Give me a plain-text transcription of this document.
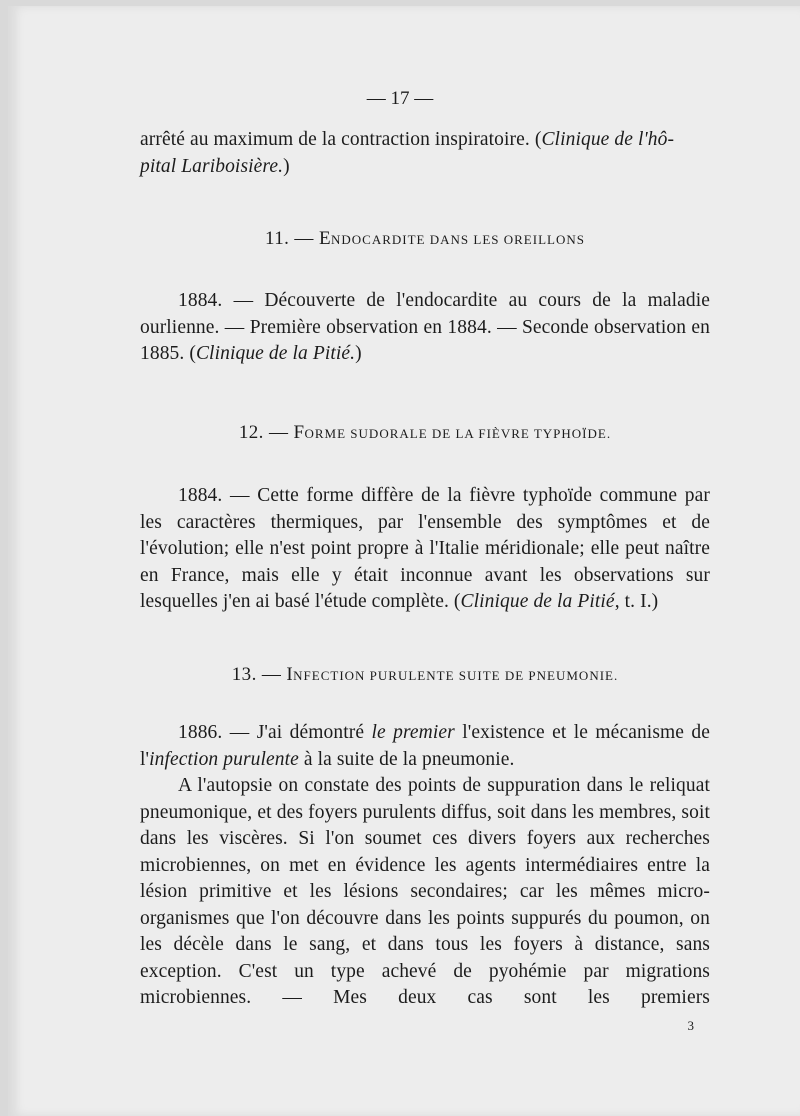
— 17 —

arrêté au maximum de la contraction inspiratoire. (Clinique de l'hô-
pital Lariboisière.)

11. — ENDOCARDITE DANS LES OREILLONS

1884. — Découverte de l'endocardite au cours de la maladie ourlienne. — Première observation en 1884. — Seconde observation en 1885. (Clinique de la Pitié.)

12. — FORME SUDORALE DE LA FIÈVRE TYPHOÏDE.

1884. — Cette forme diffère de la fièvre typhoïde commune par les caractères thermiques, par l'ensemble des symptômes et de l'évolution; elle n'est point propre à l'Italie méridionale; elle peut naître en France, mais elle y était inconnue avant les observations sur lesquelles j'en ai basé l'étude complète. (Clinique de la Pitié, t. I.)

13. — INFECTION PURULENTE SUITE DE PNEUMONIE.

1886. — J'ai démontré le premier l'existence et le mécanisme de l'infection purulente à la suite de la pneumonie.

A l'autopsie on constate des points de suppuration dans le reliquat pneumonique, et des foyers purulents diffus, soit dans les membres, soit dans les viscères. Si l'on soumet ces divers foyers aux recherches microbiennes, on met en évidence les agents intermédiaires entre la lésion primitive et les lésions secondaires; car les mêmes micro-organismes que l'on découvre dans les points suppurés du poumon, on les décèle dans le sang, et dans tous les foyers à distance, sans exception. C'est un type achevé de pyohémie par migrations microbiennes. — Mes deux cas sont les premiers

3
